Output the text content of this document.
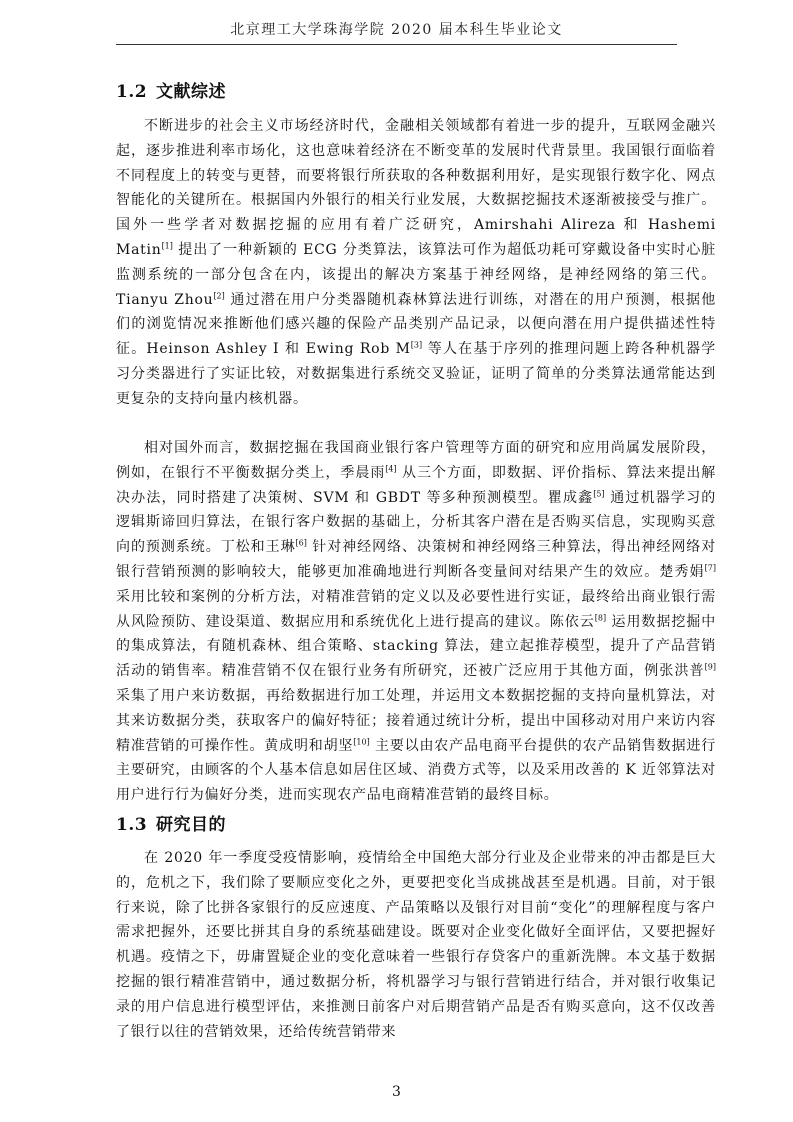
北京理工大学珠海学院 2020 届本科生毕业论文
1.2 文献综述
不断进步的社会主义市场经济时代，金融相关领域都有着进一步的提升，互联网金融兴起，逐步推进利率市场化，这也意味着经济在不断变革的发展时代背景里。我国银行面临着不同程度上的转变与更替，而要将银行所获取的各种数据利用好，是实现银行数字化、网点智能化的关键所在。根据国内外银行的相关行业发展，大数据挖掘技术逐渐被接受与推广。国外一些学者对数据挖掘的应用有着广泛研究，Amirshahi Alireza 和 Hashemi Matin[1] 提出了一种新颖的 ECG 分类算法，该算法可作为超低功耗可穿戴设备中实时心脏监测系统的一部分包含在内，该提出的解决方案基于神经网络，是神经网络的第三代。Tianyu Zhou[2] 通过潜在用户分类器随机森林算法进行训练，对潜在的用户预测，根据他们的浏览情况来推断他们感兴趣的保险产品类别产品记录，以便向潜在用户提供描述性特征。Heinson Ashley I 和 Ewing Rob M[3] 等人在基于序列的推理问题上跨各种机器学习分类器进行了实证比较，对数据集进行系统交叉验证，证明了简单的分类算法通常能达到更复杂的支持向量内核机器。
相对国外而言，数据挖掘在我国商业银行客户管理等方面的研究和应用尚属发展阶段，例如，在银行不平衡数据分类上，季晨雨[4] 从三个方面，即数据、评价指标、算法来提出解决办法，同时搭建了决策树、SVM 和 GBDT 等多种预测模型。瞿成鑫[5] 通过机器学习的逻辑斯谛回归算法，在银行客户数据的基础上，分析其客户潜在是否购买信息，实现购买意向的预测系统。丁松和王琳[6] 针对神经网络、决策树和神经网络三种算法，得出神经网络对银行营销预测的影响较大，能够更加准确地进行判断各变量间对结果产生的效应。楚秀娟[7] 采用比较和案例的分析方法，对精准营销的定义以及必要性进行实证，最终给出商业银行需从风险预防、建设渠道、数据应用和系统优化上进行提高的建议。陈依云[8] 运用数据挖掘中的集成算法，有随机森林、组合策略、stacking 算法，建立起推荐模型，提升了产品营销活动的销售率。精准营销不仅在银行业务有所研究，还被广泛应用于其他方面，例张洪普[9] 采集了用户来访数据，再给数据进行加工处理，并运用文本数据挖掘的支持向量机算法，对其来访数据分类，获取客户的偏好特征；接着通过统计分析，提出中国移动对用户来访内容精准营销的可操作性。黄成明和胡坚[10] 主要以由农产品电商平台提供的农产品销售数据进行主要研究，由顾客的个人基本信息如居住区域、消费方式等，以及采用改善的 K 近邻算法对用户进行行为偏好分类，进而实现农产品电商精准营销的最终目标。
1.3 研究目的
在 2020 年一季度受疫情影响，疫情给全中国绝大部分行业及企业带来的冲击都是巨大的，危机之下，我们除了要顺应变化之外，更要把变化当成挑战甚至是机遇。目前，对于银行来说，除了比拼各家银行的反应速度、产品策略以及银行对目前“变化”的理解程度与客户需求把握外，还要比拼其自身的系统基础建设。既要对企业变化做好全面评估，又要把握好机遇。疫情之下，毋庸置疑企业的变化意味着一些银行存贷客户的重新洗牌。本文基于数据挖掘的银行精准营销中，通过数据分析，将机器学习与银行营销进行结合，并对银行收集记录的用户信息进行模型评估，来推测日前客户对后期营销产品是否有购买意向，这不仅改善了银行以往的营销效果，还给传统营销带来
3
